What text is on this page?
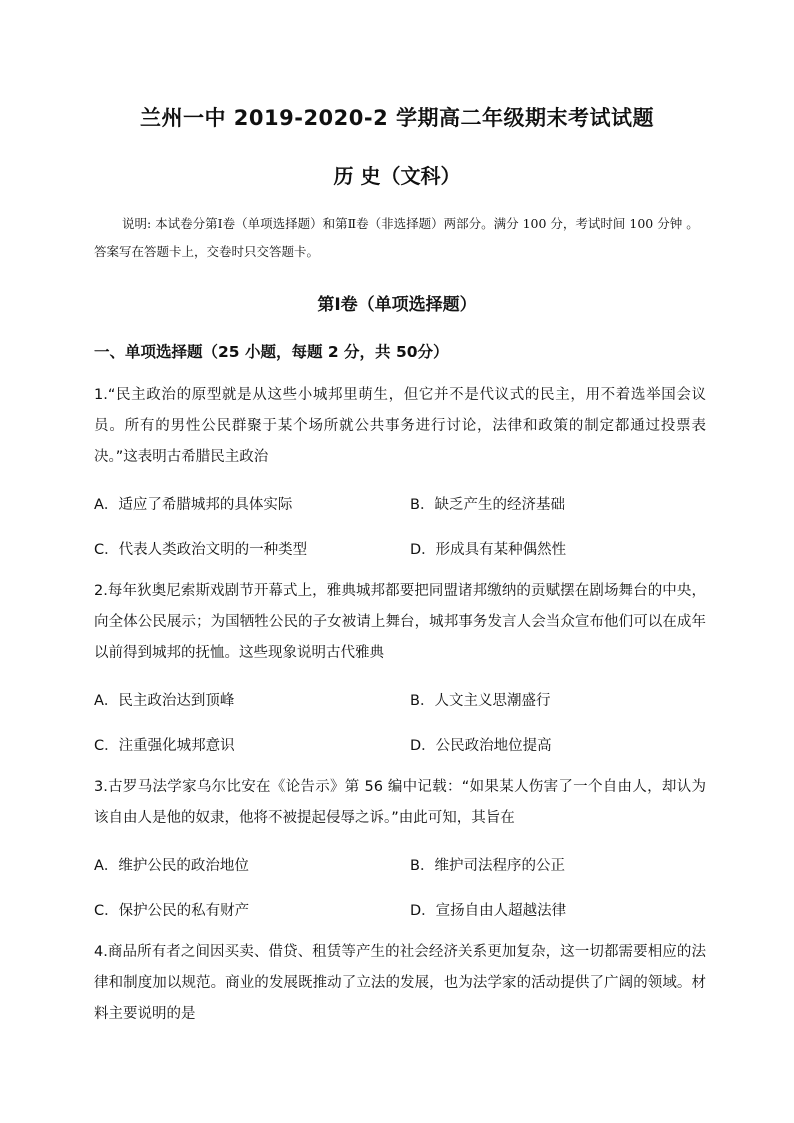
兰州一中 2019-2020-2 学期高二年级期末考试试题
历 史（文科）
说明: 本试卷分第Ⅰ卷（单项选择题）和第Ⅱ卷（非选择题）两部分。满分 100 分，考试时间 100 分钟 。答案写在答题卡上，交卷时只交答题卡。
第Ⅰ卷（单项选择题）
一、单项选择题（25 小题，每题 2 分，共 50分）
1.“民主政治的原型就是从这些小城邦里萌生，但它并不是代议式的民主，用不着选举国会议员。所有的男性公民群聚于某个场所就公共事务进行讨论，法律和政策的制定都通过投票表决。”这表明古希腊民主政治
A．适应了希腊城邦的具体实际	B．缺乏产生的经济基础
C．代表人类政治文明的一种类型	D．形成具有某种偶然性
2.每年狄奥尼索斯戏剧节开幕式上，雅典城邦都要把同盟诸邦缴纳的贡赋摆在剧场舞台的中央，向全体公民展示；为国牺牲公民的子女被请上舞台，城邦事务发言人会当众宣布他们可以在成年以前得到城邦的抚恤。这些现象说明古代雅典
A．民主政治达到顶峰	B．人文主义思潮盛行
C．注重强化城邦意识	D．公民政治地位提高
3.古罗马法学家乌尔比安在《论告示》第 56 编中记载：“如果某人伤害了一个自由人，却认为该自由人是他的奴隶，他将不被提起侵辱之诉。”由此可知，其旨在
A．维护公民的政治地位	B．维护司法程序的公正
C．保护公民的私有财产	D．宣扬自由人超越法律
4.商品所有者之间因买卖、借贷、租赁等产生的社会经济关系更加复杂，这一切都需要相应的法律和制度加以规范。商业的发展既推动了立法的发展，也为法学家的活动提供了广阔的领域。材料主要说明的是
